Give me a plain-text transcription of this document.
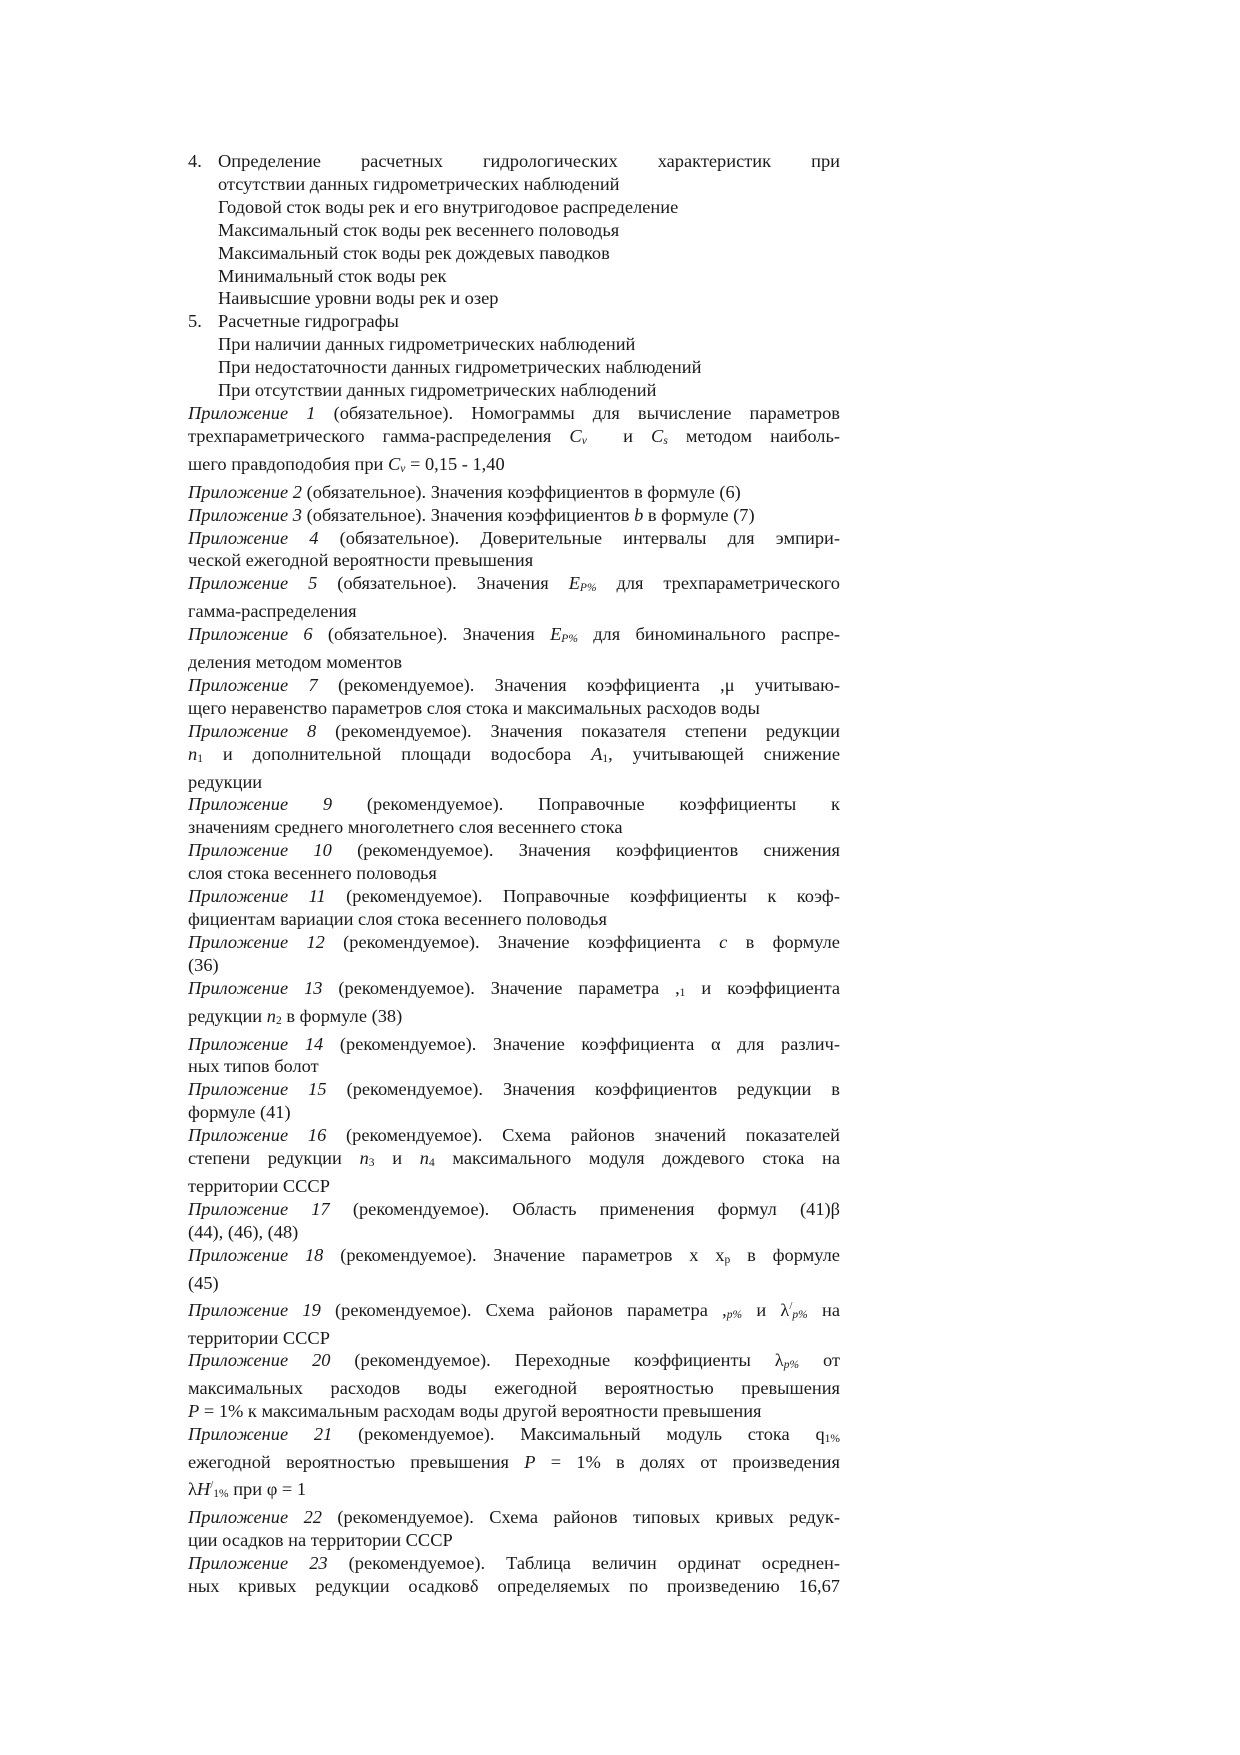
4. Определение расчетных гидрологических характеристик при

отсутствии данных гидрометрических наблюдений

Годовой сток воды рек и его внутригодовое распределение

Максимальный сток воды рек весеннего половодья

Максимальный сток воды рек дождевых паводков

Минимальный сток воды рек

Наивысшие уровни воды рек и озер

5. Расчетные гидрографы

При наличии данных гидрометрических наблюдений

При недостаточности данных гидрометрических наблюдений

При отсутствии данных гидрометрических наблюдений

Приложение 1 (обязательное). Номограммы для вычисление параметров

трехпараметрического гамма-распределения Cv и Cs методом наиболь-

шего правдоподобия при Cv = 0,15 - 1,40

Приложение 2 (обязательное). Значения коэффициентов в формуле (6)

Приложение 3 (обязательное). Значения коэффициентов b в формуле (7)

Приложение 4 (обязательное). Доверительные интервалы для эмпири-

ческой ежегодной вероятности превышения

Приложение 5 (обязательное). Значения EP% для трехпараметрического

гамма-распределения

Приложение 6 (обязательное). Значения EP% для биноминального распре-

деления методом моментов

Приложение 7 (рекомендуемое). Значения коэффициента ,μ учитываю-

щего неравенство параметров слоя стока и максимальных расходов воды

Приложение 8 (рекомендуемое). Значения показателя степени редукции

n1 и дополнительной площади водосбора A1, учитывающей снижение

редукции

Приложение 9 (рекомендуемое). Поправочные коэффициенты к

значениям среднего многолетнего слоя весеннего стока

Приложение 10 (рекомендуемое). Значения коэффициентов снижения

слоя стока весеннего половодья

Приложение 11 (рекомендуемое). Поправочные коэффициенты к коэф-

фициентам вариации слоя стока весеннего половодья

Приложение 12 (рекомендуемое). Значение коэффициента c в формуле

(36)

Приложение 13 (рекомендуемое). Значение параметра ,1 и коэффициента

редукции n2 в формуле (38)

Приложение 14 (рекомендуемое). Значение коэффициента α для различ-

ных типов болот

Приложение 15 (рекомендуемое). Значения коэффициентов редукции в

формуле (41)

Приложение 16 (рекомендуемое). Схема районов значений показателей

степени редукции n3 и n4 максимального модуля дождевого стока на

территории СССР

Приложение 17 (рекомендуемое). Область применения формул (41)β

(44), (46), (48)

Приложение 18 (рекомендуемое). Значение параметров x xp в формуле

(45)

Приложение 19 (рекомендуемое). Схема районов параметра ,p% и λ/p% на

территории СССР

Приложение 20 (рекомендуемое). Переходные коэффициенты λp% от

максимальных расходов воды ежегодной вероятностью превышения

P = 1% к максимальным расходам воды другой вероятности превышения

Приложение 21 (рекомендуемое). Максимальный модуль стока q1%

ежегодной вероятностью превышения P = 1% в долях от произведения

λH/1% при φ = 1

Приложение 22 (рекомендуемое). Схема районов типовых кривых редук-

ции осадков на территории СССР

Приложение 23 (рекомендуемое). Таблица величин ординат осреднен-

ных кривых редукции осадковδ определяемых по произведению 16,67
